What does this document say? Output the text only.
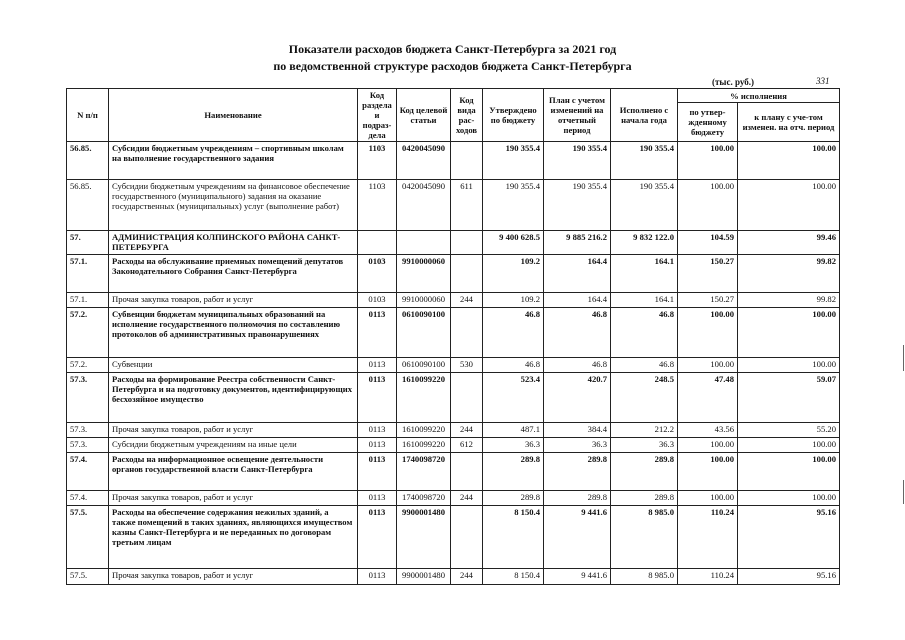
Показатели расходов бюджета Санкт-Петербурга за 2021 год
по ведомственной структуре расходов бюджета Санкт-Петербурга
(тыс. руб.)	331
N п/п	Наименование	Код раздела и подраз-дела	Код целевой статьи	Код вида рас-ходов	Утверждено по бюджету	План с учетом изменений на отчетный период	Исполнено с начала года	% исполнения	
								по утвер-жденному бюджету	к плану с уче-том изменен. на отч. период
56.85.	Субсидии бюджетным учреждениям – спортивным школам на выполнение государственного задания	1103	0420045090		190 355.4	190 355.4	190 355.4	100.00	100.00
56.85.	Субсидии бюджетным учреждениям на финансовое обеспечение государственного (муниципального) задания на оказание государственных (муниципальных) услуг (выполнение работ)	1103	0420045090	611	190 355.4	190 355.4	190 355.4	100.00	100.00
57.	АДМИНИСТРАЦИЯ КОЛПИНСКОГО РАЙОНА САНКТ-ПЕТЕРБУРГА				9 400 628.5	9 885 216.2	9 832 122.0	104.59	99.46
57.1.	Расходы на обслуживание приемных помещений депутатов Законодательного Собрания Санкт-Петербурга	0103	9910000060		109.2	164.4	164.1	150.27	99.82
57.1.	Прочая закупка товаров, работ и услуг	0103	9910000060	244	109.2	164.4	164.1	150.27	99.82
57.2.	Субвенции бюджетам муниципальных образований на исполнение государственного полномочия по составлению протоколов об административных правонарушениях	0113	0610090100		46.8	46.8	46.8	100.00	100.00
57.2.	Субвенции	0113	0610090100	530	46.8	46.8	46.8	100.00	100.00
57.3.	Расходы на формирование Реестра собственности Санкт-Петербурга и на подготовку документов, идентифицирующих бесхозяйное имущество	0113	1610099220		523.4	420.7	248.5	47.48	59.07
57.3.	Прочая закупка товаров, работ и услуг	0113	1610099220	244	487.1	384.4	212.2	43.56	55.20
57.3.	Субсидии бюджетным учреждениям на иные цели	0113	1610099220	612	36.3	36.3	36.3	100.00	100.00
57.4.	Расходы на информационное освещение деятельности органов государственной власти Санкт-Петербурга	0113	1740098720		289.8	289.8	289.8	100.00	100.00
57.4.	Прочая закупка товаров, работ и услуг	0113	1740098720	244	289.8	289.8	289.8	100.00	100.00
57.5.	Расходы на обеспечение содержания нежилых зданий, а также помещений в таких зданиях, являющихся имуществом казны Санкт-Петербурга и не переданных по договорам третьим лицам	0113	9900001480		8 150.4	9 441.6	8 985.0	110.24	95.16
57.5.	Прочая закупка товаров, работ и услуг	0113	9900001480	244	8 150.4	9 441.6	8 985.0	110.24	95.16
